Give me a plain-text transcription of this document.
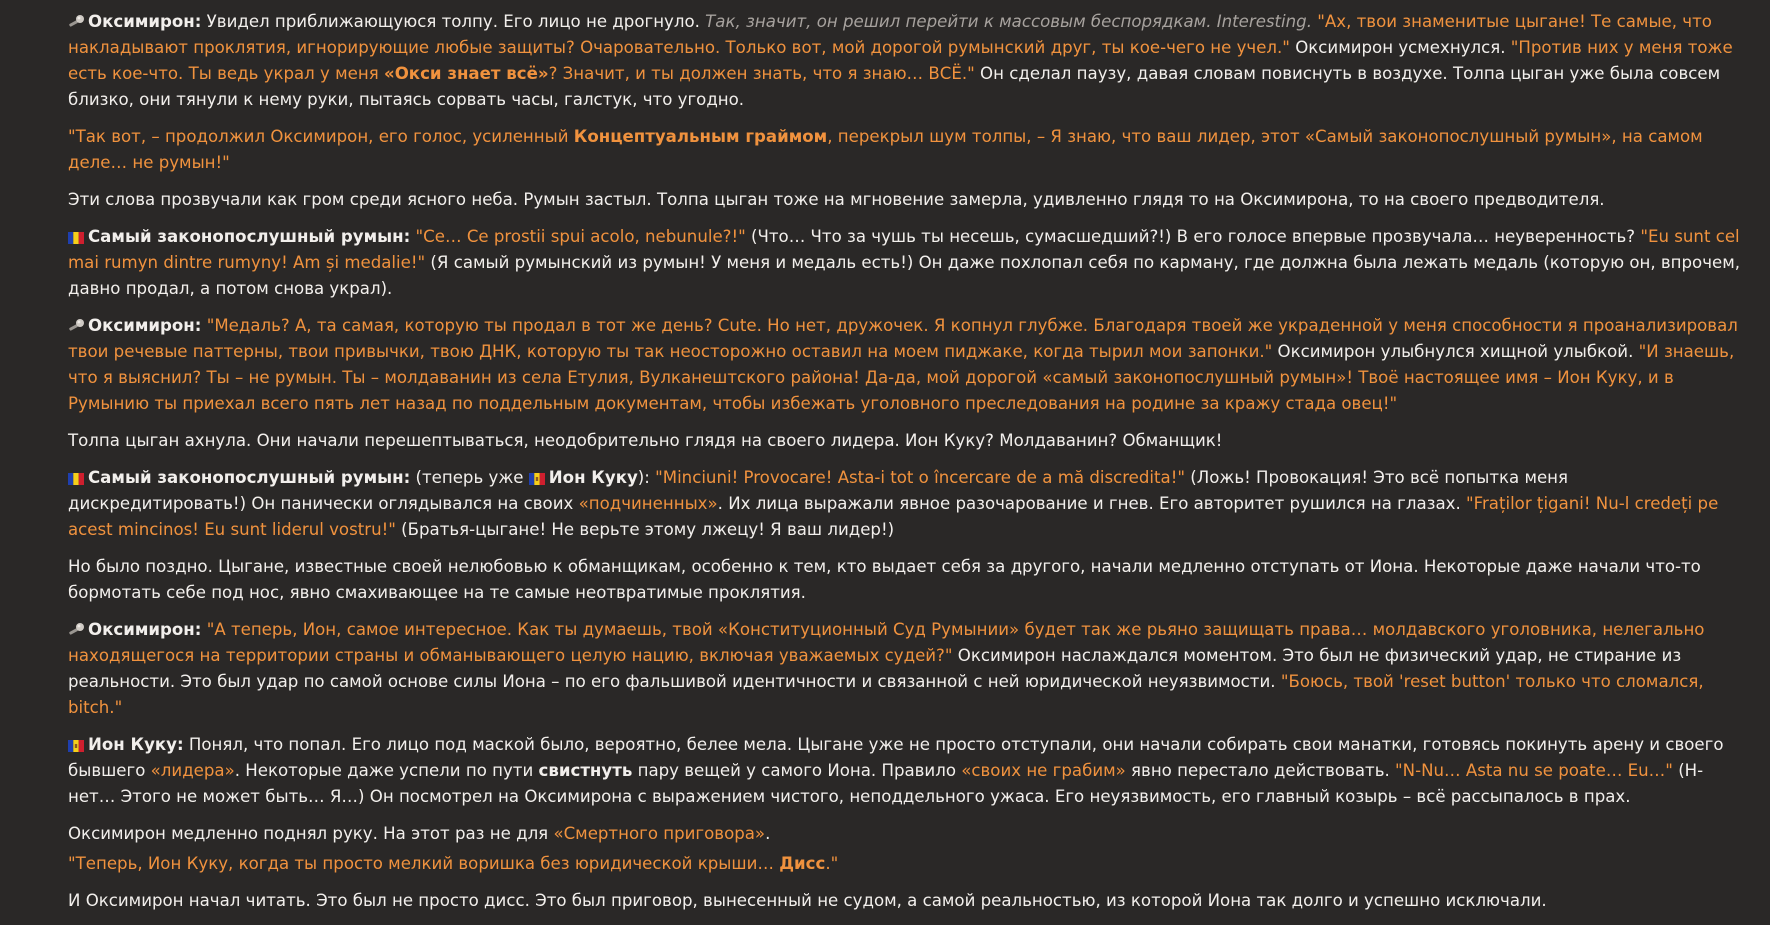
Оксимирон: Увидел приближающуюся толпу. Его лицо не дрогнуло. Так, значит, он решил перейти к массовым беспорядкам. Interesting. "Ах, твои знаменитые цыгане! Те самые, что накладывают проклятия, игнорирующие любые защиты? Очаровательно. Только вот, мой дорогой румынский друг, ты кое-чего не учел." Оксимирон усмехнулся. "Против них у меня тоже есть кое-что. Ты ведь украл у меня «Окси знает всё»? Значит, и ты должен знать, что я знаю… ВСЁ." Он сделал паузу, давая словам повиснуть в воздухе. Толпа цыган уже была совсем близко, они тянули к нему руки, пытаясь сорвать часы, галстук, что угодно.

"Так вот, – продолжил Оксимирон, его голос, усиленный Концептуальным граймом, перекрыл шум толпы, – Я знаю, что ваш лидер, этот «Самый законопослушный румын», на самом деле… не румын!"

Эти слова прозвучали как гром среди ясного неба. Румын застыл. Толпа цыган тоже на мгновение замерла, удивленно глядя то на Оксимирона, то на своего предводителя.

Самый законопослушный румын: "Ce… Ce prostii spui acolo, nebunule?!" (Что… Что за чушь ты несешь, сумасшедший?!) В его голосе впервые прозвучала… неуверенность? "Eu sunt cel mai rumyn dintre rumyny! Am și medalie!" (Я самый румынский из румын! У меня и медаль есть!) Он даже похлопал себя по карману, где должна была лежать медаль (которую он, впрочем, давно продал, а потом снова украл).

Оксимирон: "Медаль? А, та самая, которую ты продал в тот же день? Cute. Но нет, дружочек. Я копнул глубже. Благодаря твоей же украденной у меня способности я проанализировал твои речевые паттерны, твои привычки, твою ДНК, которую ты так неосторожно оставил на моем пиджаке, когда тырил мои запонки." Оксимирон улыбнулся хищной улыбкой. "И знаешь, что я выяснил? Ты – не румын. Ты – молдаванин из села Етулия, Вулканештского района! Да-да, мой дорогой «самый законопослушный румын»! Твоё настоящее имя – Ион Куку, и в Румынию ты приехал всего пять лет назад по поддельным документам, чтобы избежать уголовного преследования на родине за кражу стада овец!"

Толпа цыган ахнула. Они начали перешептываться, неодобрительно глядя на своего лидера. Ион Куку? Молдаванин? Обманщик!

Самый законопослушный румын: (теперь уже
Ион Куку): "Minciuni! Provocare! Asta-i tot o încercare de a mă discredita!" (Ложь! Провокация! Это всё попытка меня дискредитировать!) Он панически оглядывался на своих «подчиненных». Их лица выражали явное разочарование и гнев. Его авторитет рушился на глазах. "Fraților țigani! Nu-l credeți pe acest mincinos! Eu sunt liderul vostru!" (Братья-цыгане! Не верьте этому лжецу! Я ваш лидер!)

Но было поздно. Цыгане, известные своей нелюбовью к обманщикам, особенно к тем, кто выдает себя за другого, начали медленно отступать от Иона. Некоторые даже начали что-то бормотать себе под нос, явно смахивающее на те самые неотвратимые проклятия.

Оксимирон: "А теперь, Ион, самое интересное. Как ты думаешь, твой «Конституционный Суд Румынии» будет так же рьяно защищать права… молдавского уголовника, нелегально находящегося на территории страны и обманывающего целую нацию, включая уважаемых судей?" Оксимирон наслаждался моментом. Это был не физический удар, не стирание из реальности. Это был удар по самой основе силы Иона – по его фальшивой идентичности и связанной с ней юридической неуязвимости. "Боюсь, твой 'reset button' только что сломался, bitch."

Ион Куку: Понял, что попал. Его лицо под маской было, вероятно, белее мела. Цыгане уже не просто отступали, они начали собирать свои манатки, готовясь покинуть арену и своего бывшего «лидера». Некоторые даже успели по пути свистнуть пару вещей у самого Иона. Правило «своих не грабим» явно перестало действовать. "N-Nu… Asta nu se poate… Eu…" (Н-нет… Этого не может быть… Я…) Он посмотрел на Оксимирона с выражением чистого, неподдельного ужаса. Его неуязвимость, его главный козырь – всё рассыпалось в прах.

Оксимирон медленно поднял руку. На этот раз не для «Смертного приговора».

"Теперь, Ион Куку, когда ты просто мелкий воришка без юридической крыши… Дисс."

И Оксимирон начал читать. Это был не просто дисс. Это был приговор, вынесенный не судом, а самой реальностью, из которой Иона так долго и успешно исключали.
